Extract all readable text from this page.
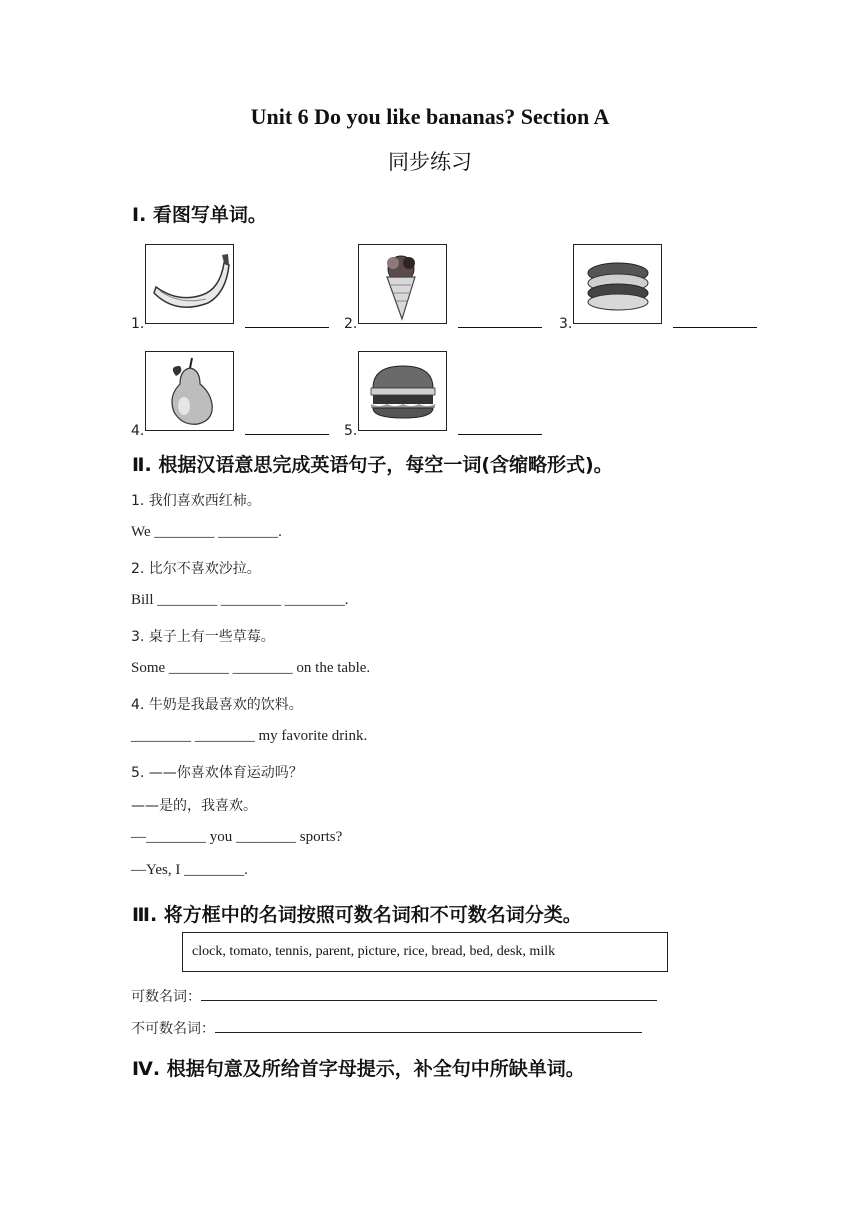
Unit 6 Do you like bananas? Section A
同步练习
Ⅰ. 看图写单词。
1.	2.	3.
4.	5.
Ⅱ. 根据汉语意思完成英语句子，每空一词(含缩略形式)。
1. 我们喜欢西红柿。
We ________ ________.
2. 比尔不喜欢沙拉。
Bill ________ ________ ________.
3. 桌子上有一些草莓。
Some ________ ________ on the table.
4. 牛奶是我最喜欢的饮料。
________ ________ my favorite drink.
5. ——你喜欢体育运动吗？
——是的，我喜欢。
—________ you ________ sports?
—Yes, I ________.
Ⅲ. 将方框中的名词按照可数名词和不可数名词分类。
clock, tomato, tennis, parent, picture, rice, bread, bed, desk, milk
可数名词：
不可数名词：
Ⅳ. 根据句意及所给首字母提示，补全句中所缺单词。
